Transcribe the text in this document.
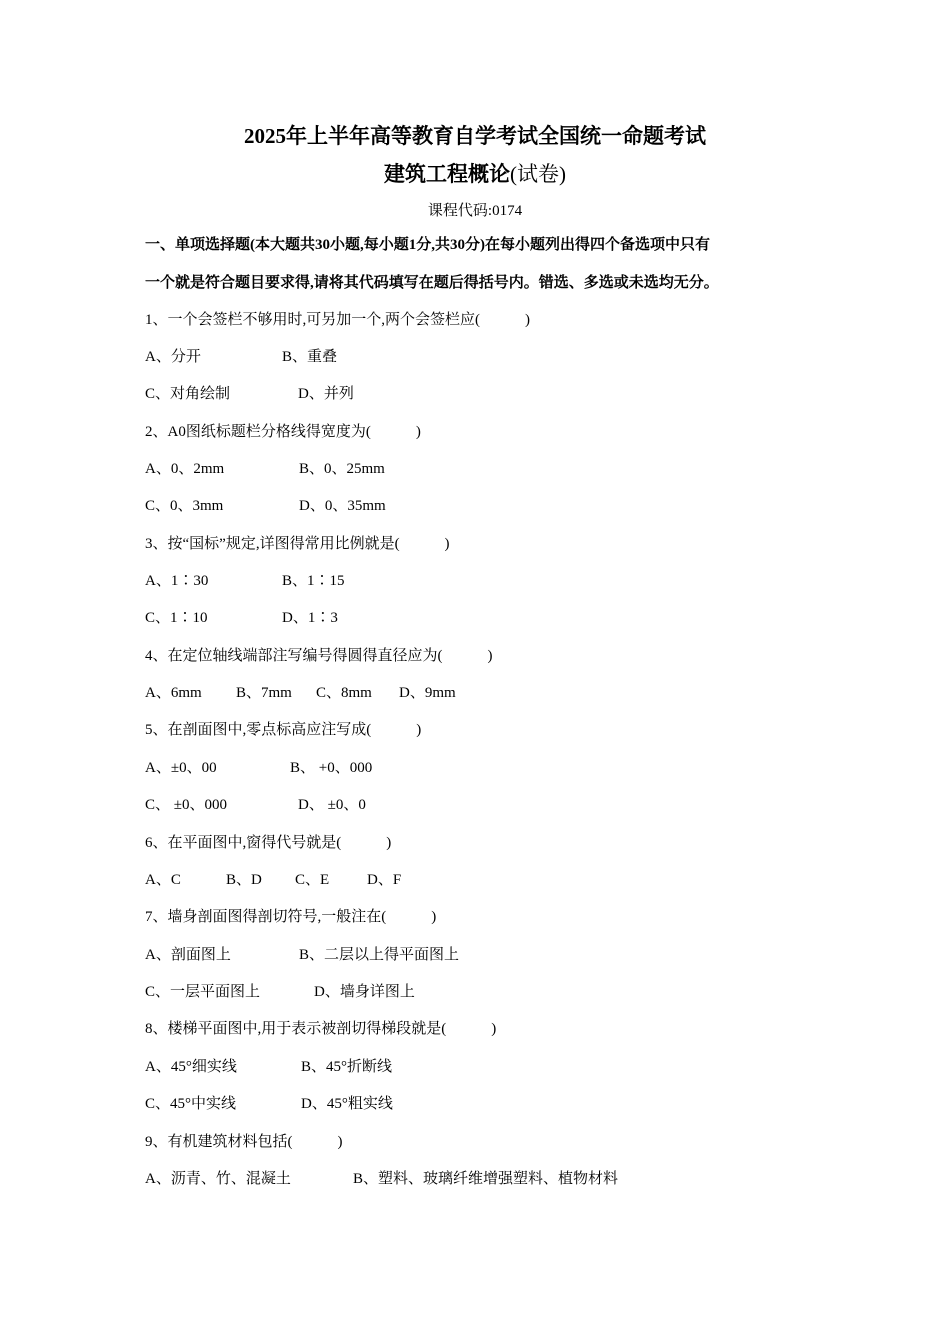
2025年上半年高等教育自学考试全国统一命题考试
建筑工程概论(试卷)
课程代码:0174
一、单项选择题(本大题共30小题,每小题1分,共30分)在每小题列出得四个备选项中只有
一个就是符合题目要求得,请将其代码填写在题后得括号内。错选、多选或未选均无分。
1、一个会签栏不够用时,可另加一个,两个会签栏应(　　　)
A、分开	B、重叠
C、对角绘制	D、并列
2、A0图纸标题栏分格线得宽度为(　　　)
A、0、2mm	B、0、25mm
C、0、3mm	D、0、35mm
3、按“国标”规定,详图得常用比例就是(　　　)
A、1∶30	B、1∶15
C、1∶10	D、1∶3
4、在定位轴线端部注写编号得圆得直径应为(　　　)
A、6mm B、7mm C、8mm D、9mm
5、在剖面图中,零点标高应注写成(　　　)
A、±0、00	B、 +0、000
C、 ±0、000	D、 ±0、0
6、在平面图中,窗得代号就是(　　　)
A、C	B、D C、E	D、F
7、墙身剖面图得剖切符号,一般注在(　　　)
A、剖面图上	B、二层以上得平面图上
C、一层平面图上	D、墙身详图上
8、楼梯平面图中,用于表示被剖切得梯段就是(　　　)
A、45°细实线	B、45°折断线
C、45°中实线	D、45°粗实线
9、有机建筑材料包括(　　　)
A、沥青、竹、混凝土	B、塑料、玻璃纤维增强塑料、植物材料
